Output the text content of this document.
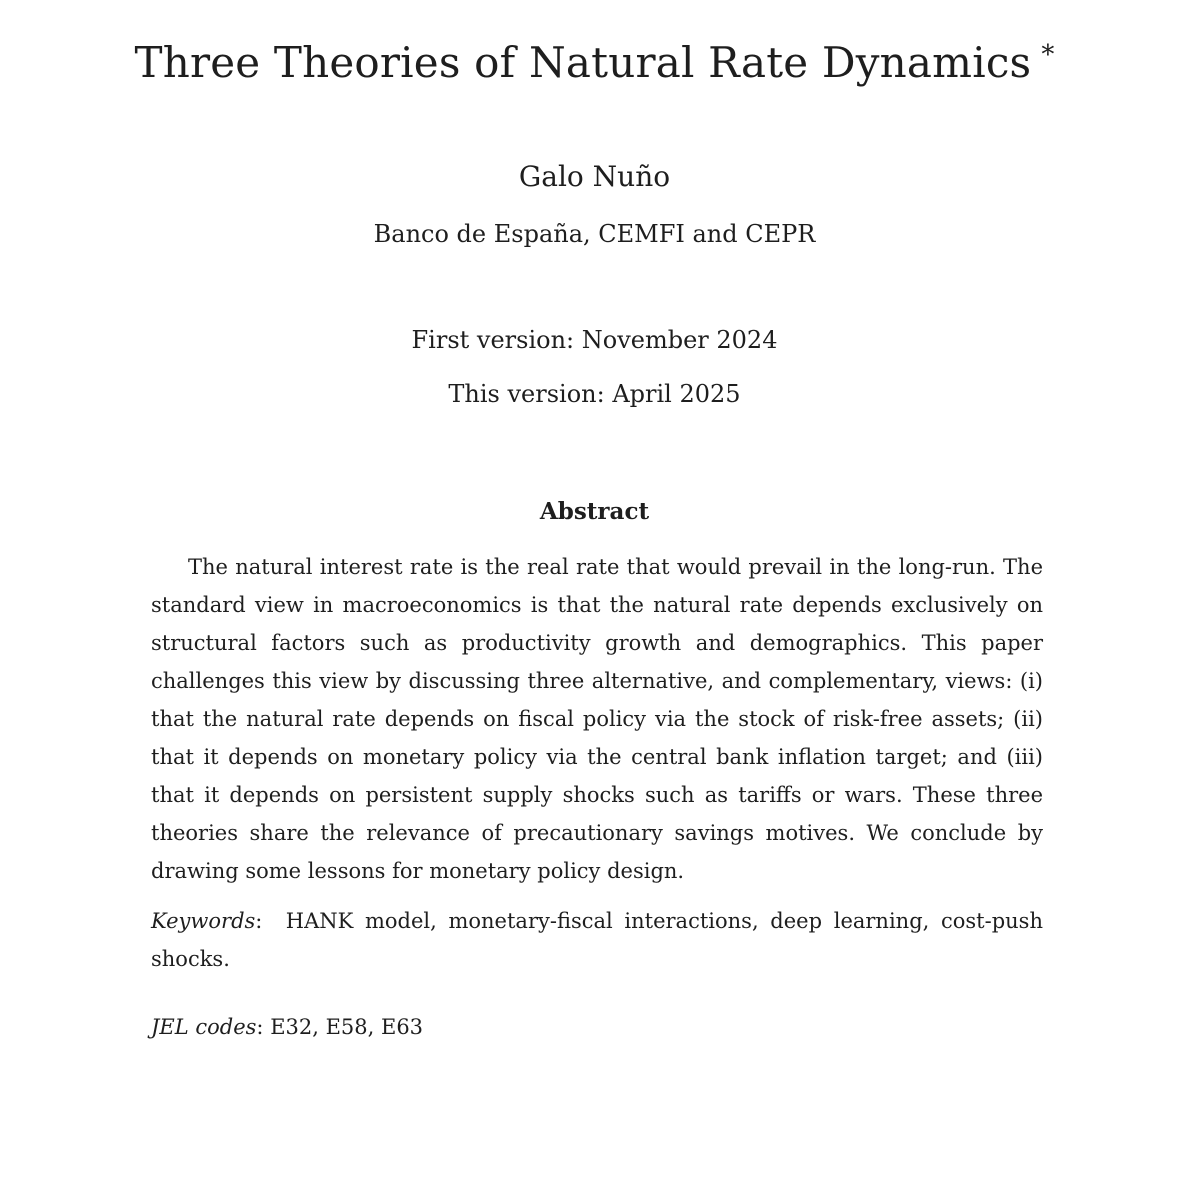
Three Theories of Natural Rate Dynamics *
Galo Nuño
Banco de España, CEMFI and CEPR
First version: November 2024
This version: April 2025
Abstract

The natural interest rate is the real rate that would prevail in the long-run. The standard view in macroeconomics is that the natural rate depends exclusively on structural factors such as productivity growth and demographics. This paper challenges this view by discussing three alternative, and complementary, views: (i) that the natural rate depends on fiscal policy via the stock of risk-free assets; (ii) that it depends on monetary policy via the central bank inflation target; and (iii) that it depends on persistent supply shocks such as tariffs or wars. These three theories share the relevance of precautionary savings motives. We conclude by drawing some lessons for monetary policy design.

Keywords: HANK model, monetary-fiscal interactions, deep learning, cost-push shocks.

JEL codes: E32, E58, E63
